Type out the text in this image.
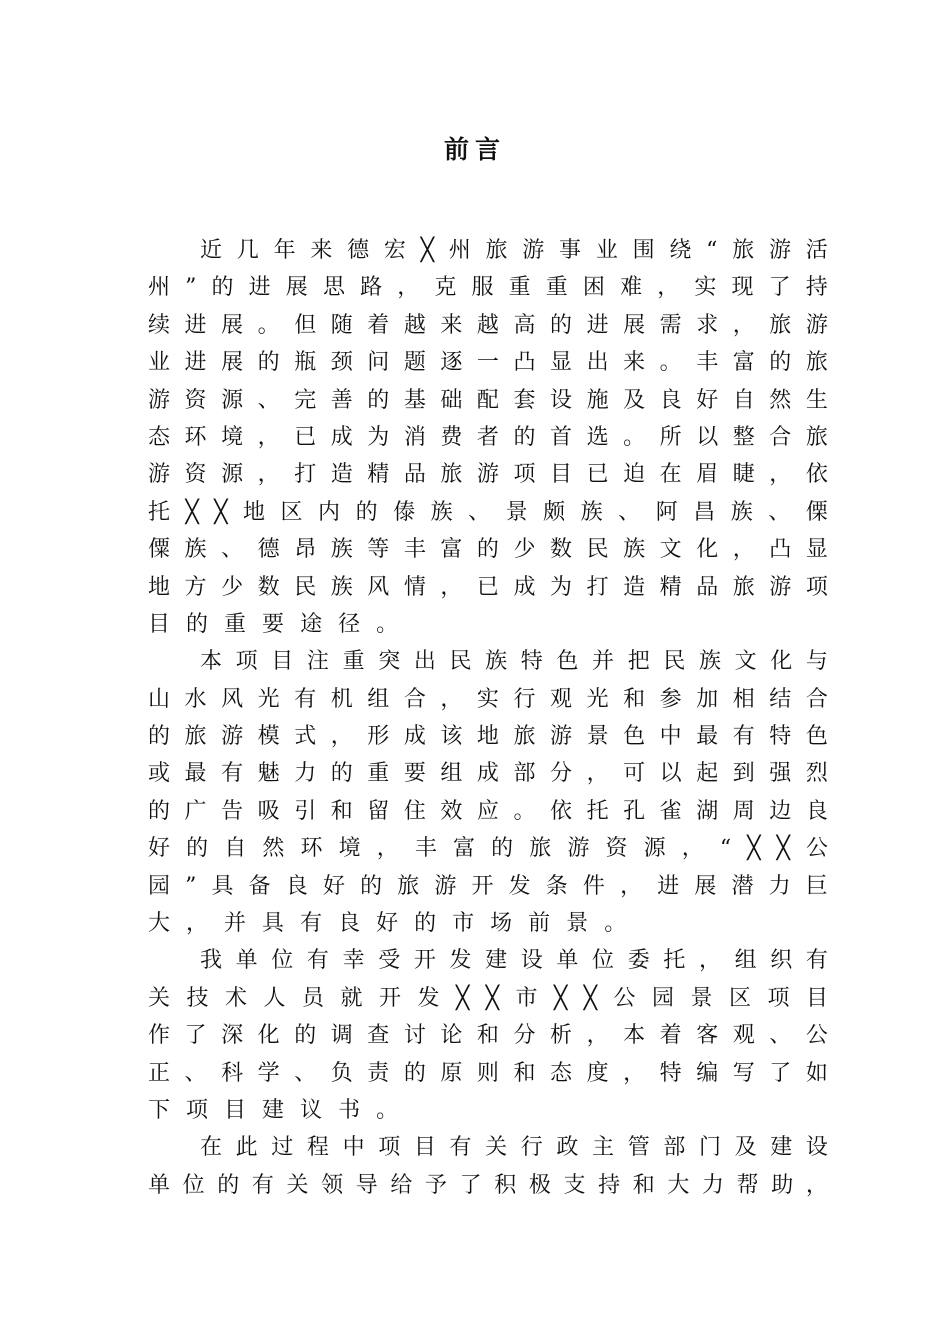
前言
近 几 年 来 德 宏 ╳ 州 旅 游 事 业 围 绕 “ 旅 游 活
州 ” 的 进 展 思 路 ， 克 服 重 重 困 难 ， 实 现 了 持
续 进 展 。 但 随 着 越 来 越 高 的 进 展 需 求 ， 旅 游
业 进 展 的 瓶 颈 问 题 逐 一 凸 显 出 来 。 丰 富 的 旅
游 资 源 、 完 善 的 基 础 配 套 设 施 及 良 好 自 然 生
态 环 境 ， 已 成 为 消 费 者 的 首 选 。 所 以 整 合 旅
游 资 源 ， 打 造 精 品 旅 游 项 目 已 迫 在 眉 睫 ， 依
托 ╳ ╳ 地 区 内 的 傣 族 、 景 颇 族 、 阿 昌 族 、 傈
僳 族 、 德 昂 族 等 丰 富 的 少 数 民 族 文 化 ， 凸 显
地 方 少 数 民 族 风 情 ， 已 成 为 打 造 精 品 旅 游 项
目 的 重 要 途 径 。
本 项 目 注 重 突 出 民 族 特 色 并 把 民 族 文 化 与
山 水 风 光 有 机 组 合 ， 实 行 观 光 和 参 加 相 结 合
的 旅 游 模 式 ， 形 成 该 地 旅 游 景 色 中 最 有 特 色
或 最 有 魅 力 的 重 要 组 成 部 分 ， 可 以 起 到 强 烈
的 广 告 吸 引 和 留 住 效 应 。 依 托 孔 雀 湖 周 边 良
好 的 自 然 环 境 ， 丰 富 的 旅 游 资 源 ， “ ╳ ╳ 公
园 ” 具 备 良 好 的 旅 游 开 发 条 件 ， 进 展 潜 力 巨
大 ， 并 具 有 良 好 的 市 场 前 景 。
我 单 位 有 幸 受 开 发 建 设 单 位 委 托 ， 组 织 有
关 技 术 人 员 就 开 发 ╳ ╳ 市 ╳ ╳ 公 园 景 区 项 目
作 了 深 化 的 调 查 讨 论 和 分 析 ， 本 着 客 观 、 公
正 、 科 学 、 负 责 的 原 则 和 态 度 ， 特 编 写 了 如
下 项 目 建 议 书 。
在 此 过 程 中 项 目 有 关 行 政 主 管 部 门 及 建 设
单 位 的 有 关 领 导 给 予 了 积 极 支 持 和 大 力 帮 助 ，
